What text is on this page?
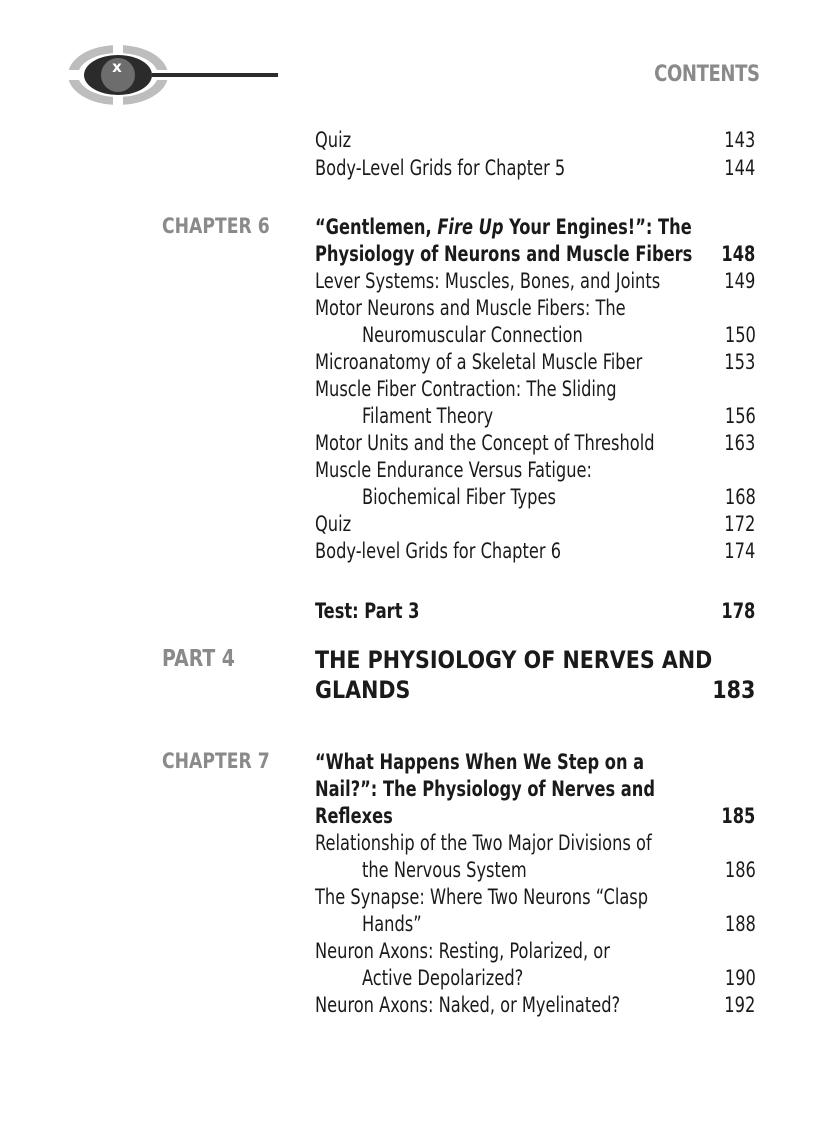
x	CONTENTS
Quiz	143
Body-Level Grids for Chapter 5	144
CHAPTER 6 “Gentlemen, Fire Up Your Engines!”: The
Physiology of Neurons and Muscle Fibers 148
Lever Systems: Muscles, Bones, and Joints	149
Motor Neurons and Muscle Fibers: The
Neuromuscular Connection	150
Microanatomy of a Skeletal Muscle Fiber	153
Muscle Fiber Contraction: The Sliding
Filament Theory	156
Motor Units and the Concept of Threshold	163
Muscle Endurance Versus Fatigue:
Biochemical Fiber Types	168
Quiz	172
Body-level Grids for Chapter 6	174
Test: Part 3	178
PART 4	THE PHYSIOLOGY OF NERVES AND
GLANDS	183
CHAPTER 7 “What Happens When We Step on a
Nail?”: The Physiology of Nerves and
Reflexes	185
Relationship of the Two Major Divisions of
the Nervous System	186
The Synapse: Where Two Neurons “Clasp
Hands”	188
Neuron Axons: Resting, Polarized, or
Active Depolarized?	190
Neuron Axons: Naked, or Myelinated?	192
